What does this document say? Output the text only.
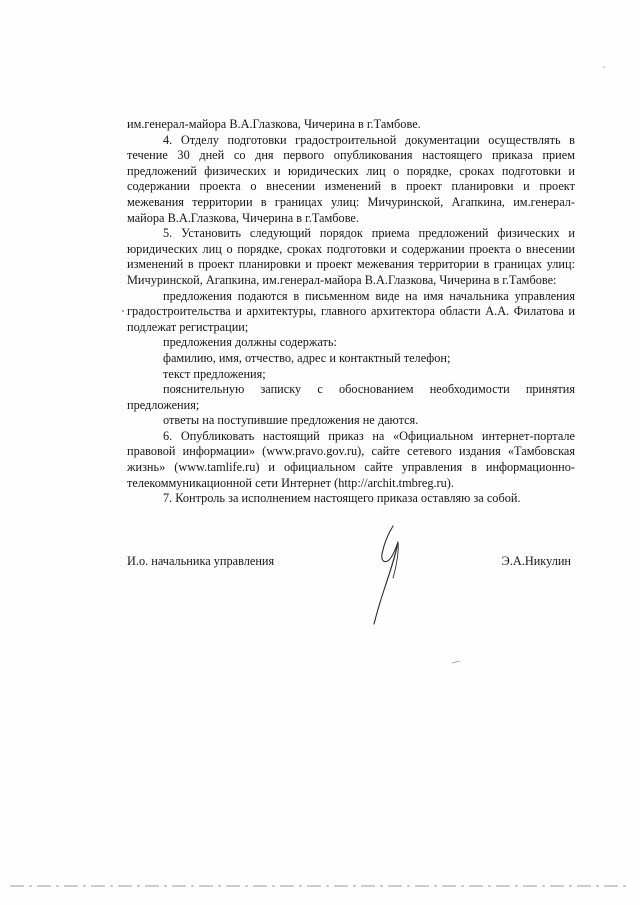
им.генерал-майора В.А.Глазкова, Чичерина в г.Тамбове.

4. Отделу подготовки градостроительной документации осуществлять в течение 30 дней со дня первого опубликования настоящего приказа прием предложений физических и юридических лиц о порядке, сроках подготовки и содержании проекта о внесении изменений в проект планировки и проект межевания территории в границах улиц: Мичуринской, Агапкина, им.генерал-майора В.А.Глазкова, Чичерина в г.Тамбове.

5. Установить следующий порядок приема предложений физических и юридических лиц о порядке, сроках подготовки и содержании проекта о внесении изменений в проект планировки и проект межевания территории в границах улиц: Мичуринской, Агапкина, им.генерал-майора В.А.Глазкова, Чичерина в г.Тамбове:

предложения подаются в письменном виде на имя начальника управления градостроительства и архитектуры, главного архитектора области А.А. Филатова и подлежат регистрации;

предложения должны содержать:

фамилию, имя, отчество, адрес и контактный телефон;

текст предложения;

пояснительную записку с обоснованием необходимости принятия предложения;

ответы на поступившие предложения не даются.

6. Опубликовать настоящий приказ на «Официальном интернет-портале правовой информации» (www.pravo.gov.ru), сайте сетевого издания «Тамбовская жизнь» (www.tamlife.ru) и официальном сайте управления в информационно-телекоммуникационной сети Интернет (http://archit.tmbreg.ru).

7. Контроль за исполнением настоящего приказа оставляю за собой.

И.о. начальника управления	Э.А.Никулин
